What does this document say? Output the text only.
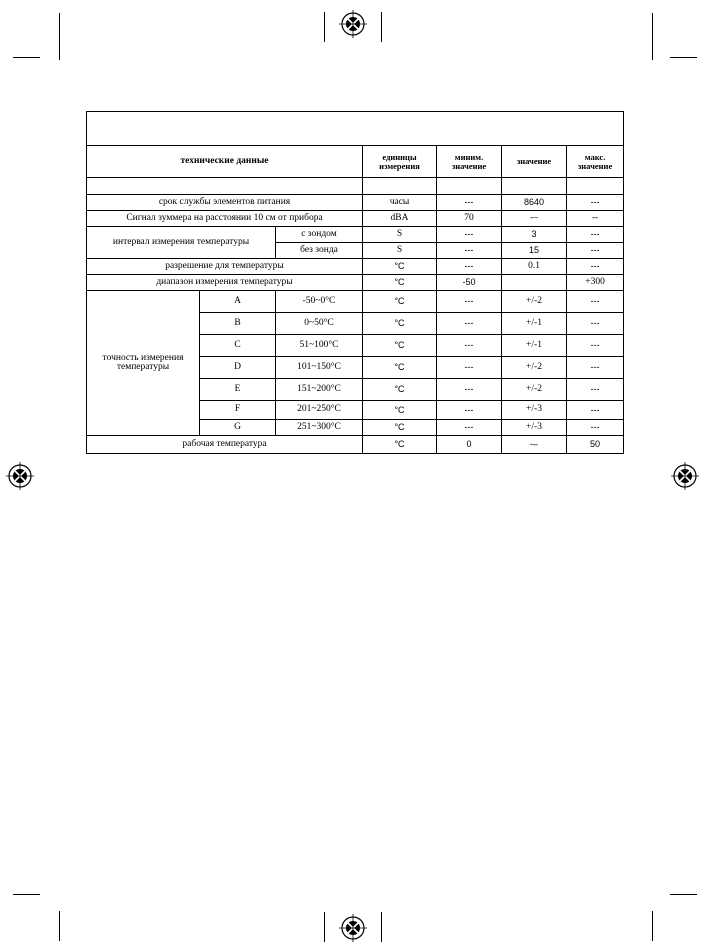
технические данные			единицы измерения	миним. значение	значение	макс. значение

срок службы элементов питания			часы	---	8640	---
Сигнал зуммера на расстоянии 10 см от прибора			dBA	70	-–	--
интервал измерения температуры		с зондом	S	---	3	---
		без зонда	S	---	15	---
разрешение для температуры			°C	---	0.1	---
диапазон измерения температуры			°C	-50		+300
точность измерения температуры	A	-50~0°C	°C	---	+/-2	---
	B	0~50°C	°C	---	+/-1	---
	C	51~100°C	°C	---	+/-1	---
	D	101~150°C	°C	---	+/-2	---
	E	151~200°C	°C	---	+/-2	---
	F	201~250°C	°C	---	+/-3	---
	G	251~300°C	°C	---	+/-3	---
рабочая температура			°C	0	-–	50
